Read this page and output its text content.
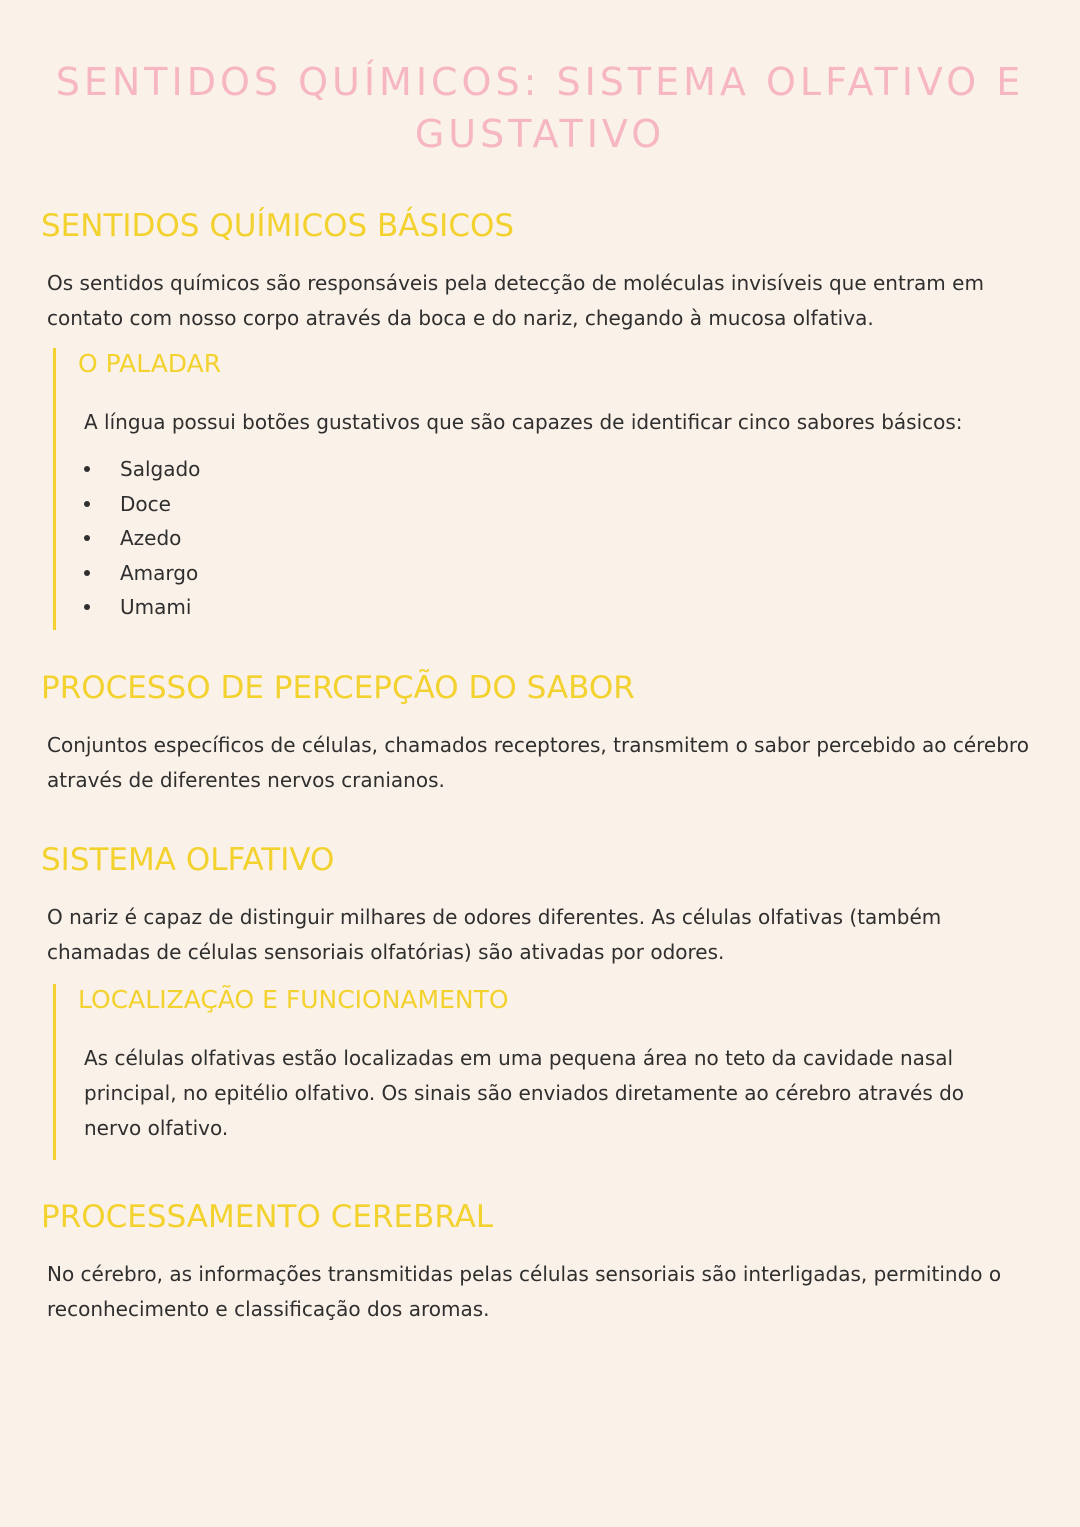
SENTIDOS QUÍMICOS: SISTEMA OLFATIVO E GUSTATIVO
SENTIDOS QUÍMICOS BÁSICOS

Os sentidos químicos são responsáveis pela detecção de moléculas invisíveis que entram em contato com nosso corpo através da boca e do nariz, chegando à mucosa olfativa.

O PALADAR

A língua possui botões gustativos que são capazes de identificar cinco sabores básicos:

Salgado
Doce
Azedo
Amargo
Umami
PROCESSO DE PERCEPÇÃO DO SABOR

Conjuntos específicos de células, chamados receptores, transmitem o sabor percebido ao cérebro através de diferentes nervos cranianos.

SISTEMA OLFATIVO

O nariz é capaz de distinguir milhares de odores diferentes. As células olfativas (também chamadas de células sensoriais olfatórias) são ativadas por odores.

LOCALIZAÇÃO E FUNCIONAMENTO

As células olfativas estão localizadas em uma pequena área no teto da cavidade nasal principal, no epitélio olfativo. Os sinais são enviados diretamente ao cérebro através do nervo olfativo.

PROCESSAMENTO CEREBRAL

No cérebro, as informações transmitidas pelas células sensoriais são interligadas, permitindo o reconhecimento e classificação dos aromas.
